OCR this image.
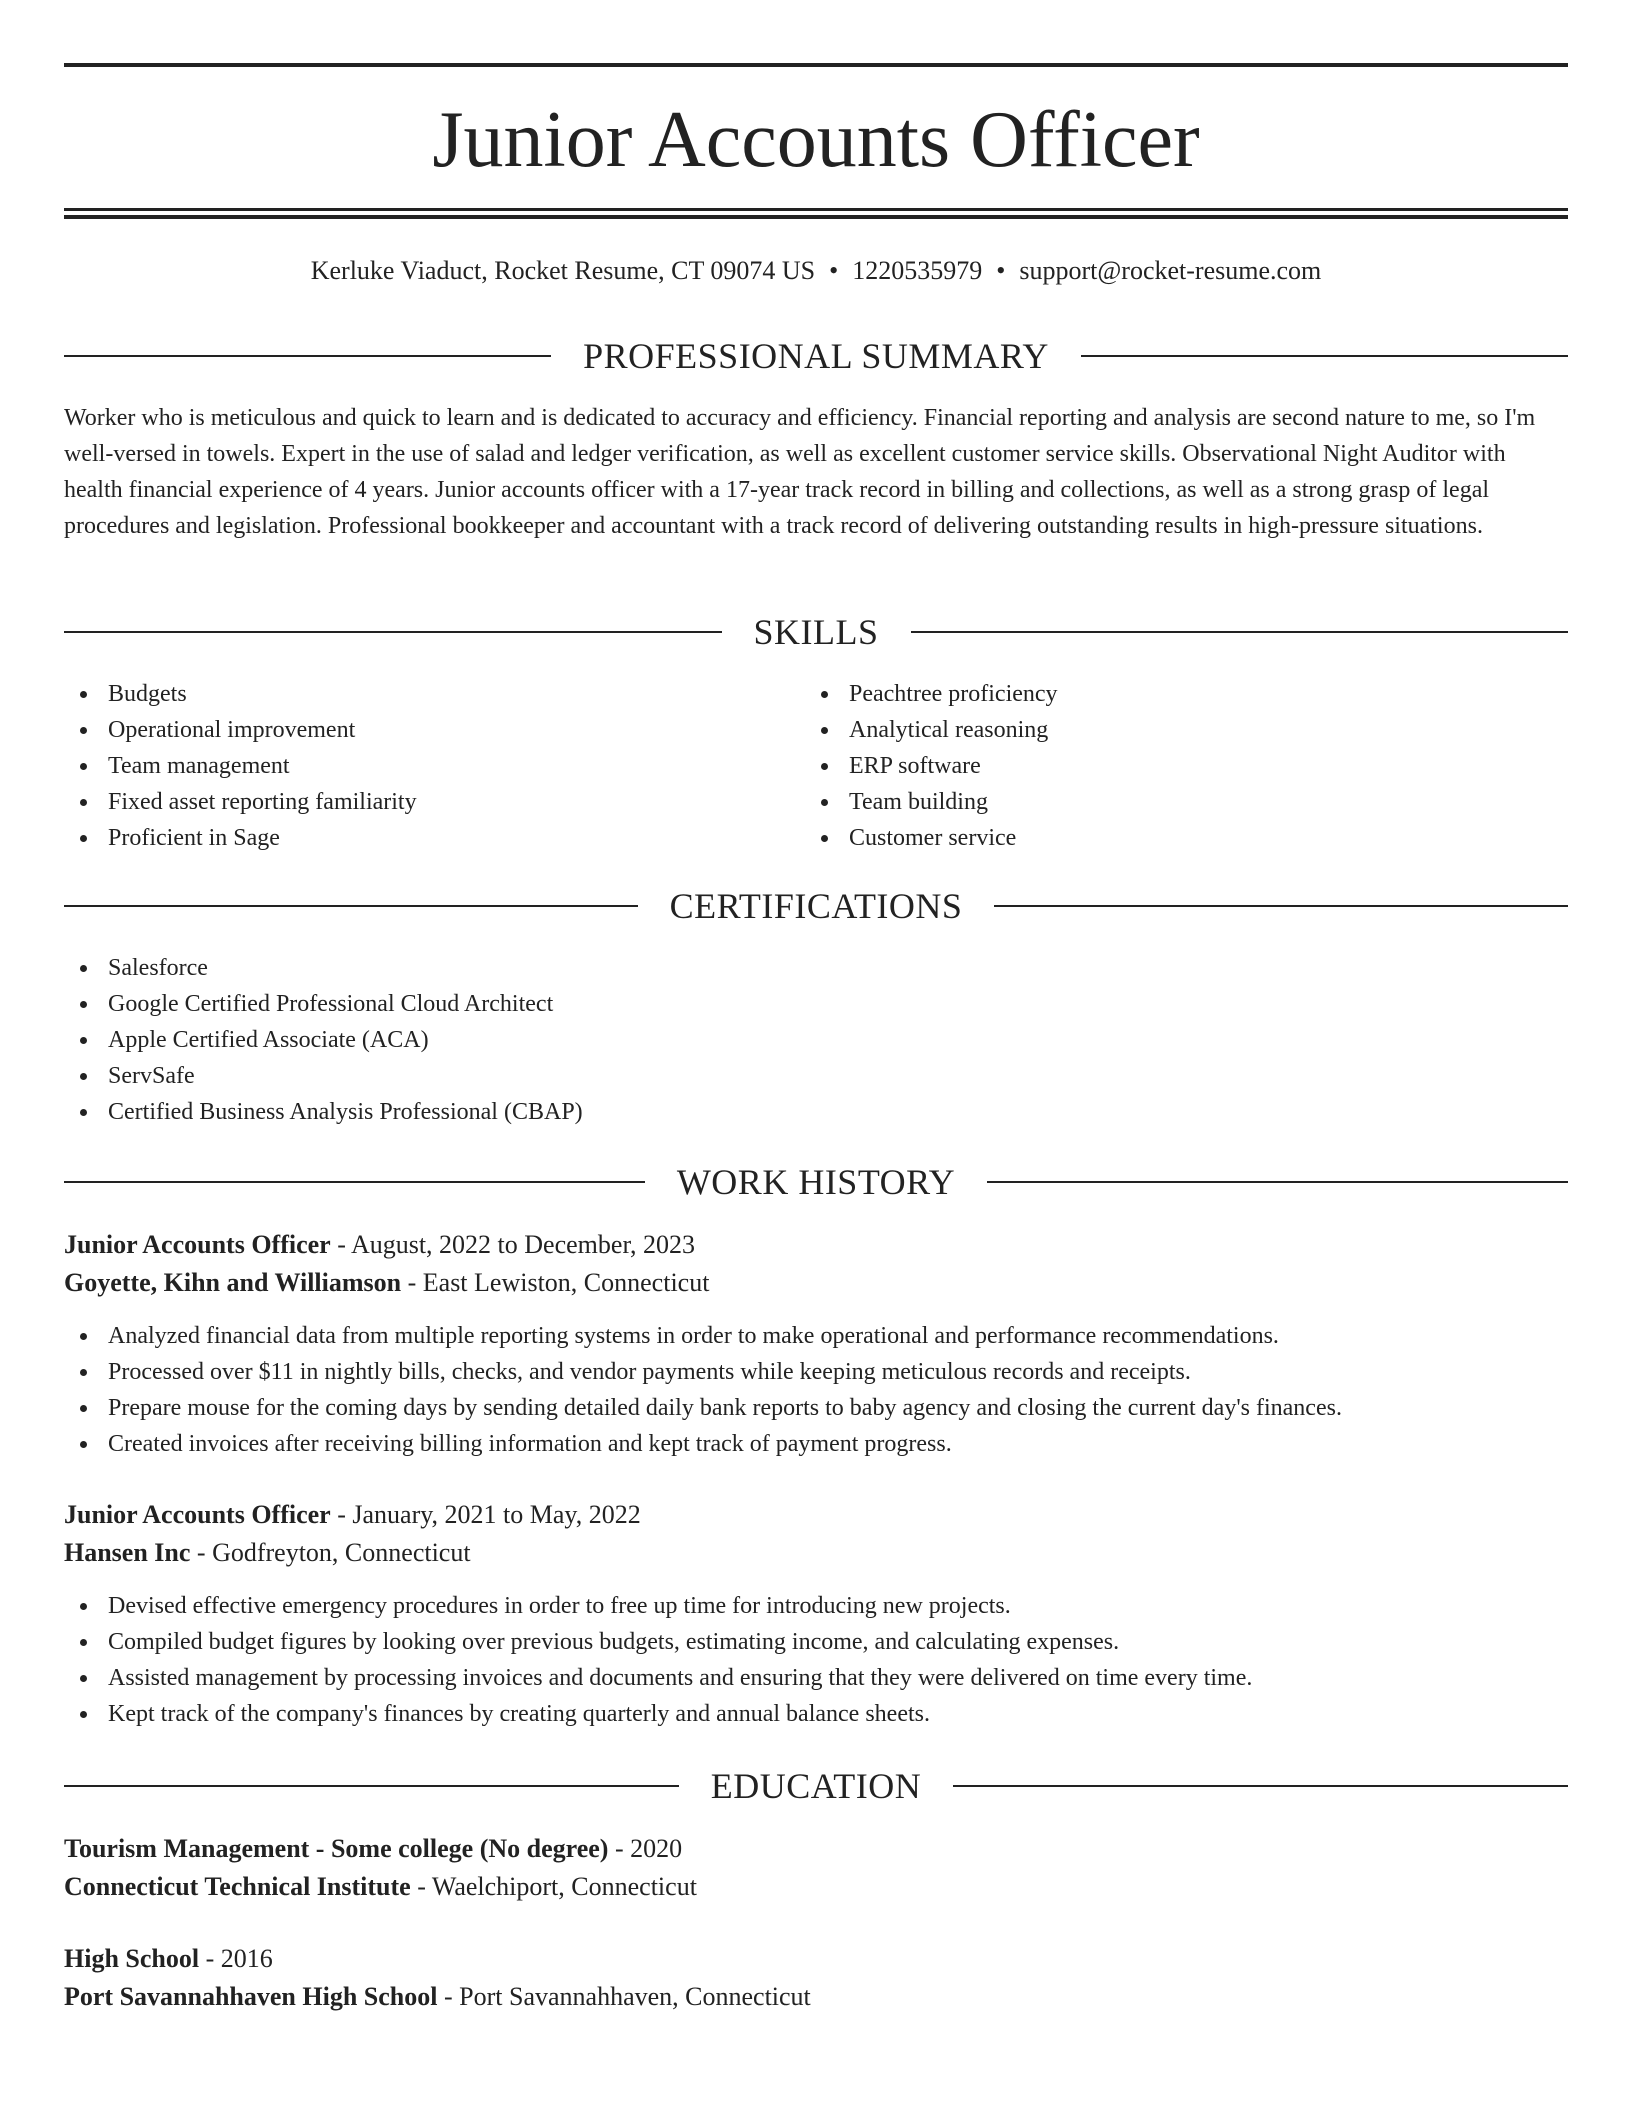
Junior Accounts Officer
Kerluke Viaduct, Rocket Resume, CT 09074 US • 1220535979 • support@rocket-resume.com
PROFESSIONAL SUMMARY

Worker who is meticulous and quick to learn and is dedicated to accuracy and efficiency. Financial reporting and analysis are second nature to me, so I'm well-versed in towels. Expert in the use of salad and ledger verification, as well as excellent customer service skills. Observational Night Auditor with health financial experience of 4 years. Junior accounts officer with a 17-year track record in billing and collections, as well as a strong grasp of legal procedures and legislation. Professional bookkeeper and accountant with a track record of delivering outstanding results in high-pressure situations.

SKILLS
Budgets
Operational improvement
Team management
Fixed asset reporting familiarity
Proficient in Sage
Peachtree proficiency
Analytical reasoning
ERP software
Team building
Customer service
CERTIFICATIONS
Salesforce
Google Certified Professional Cloud Architect
Apple Certified Associate (ACA)
ServSafe
Certified Business Analysis Professional (CBAP)
WORK HISTORY
Junior Accounts Officer - August, 2022 to December, 2023
Goyette, Kihn and Williamson - East Lewiston, Connecticut
Analyzed financial data from multiple reporting systems in order to make operational and performance recommendations.
Processed over $11 in nightly bills, checks, and vendor payments while keeping meticulous records and receipts.
Prepare mouse for the coming days by sending detailed daily bank reports to baby agency and closing the current day's finances.
Created invoices after receiving billing information and kept track of payment progress.
Junior Accounts Officer - January, 2021 to May, 2022
Hansen Inc - Godfreyton, Connecticut
Devised effective emergency procedures in order to free up time for introducing new projects.
Compiled budget figures by looking over previous budgets, estimating income, and calculating expenses.
Assisted management by processing invoices and documents and ensuring that they were delivered on time every time.
Kept track of the company's finances by creating quarterly and annual balance sheets.
EDUCATION
Tourism Management - Some college (No degree) - 2020
Connecticut Technical Institute - Waelchiport, Connecticut
High School - 2016
Port Savannahhaven High School - Port Savannahhaven, Connecticut
